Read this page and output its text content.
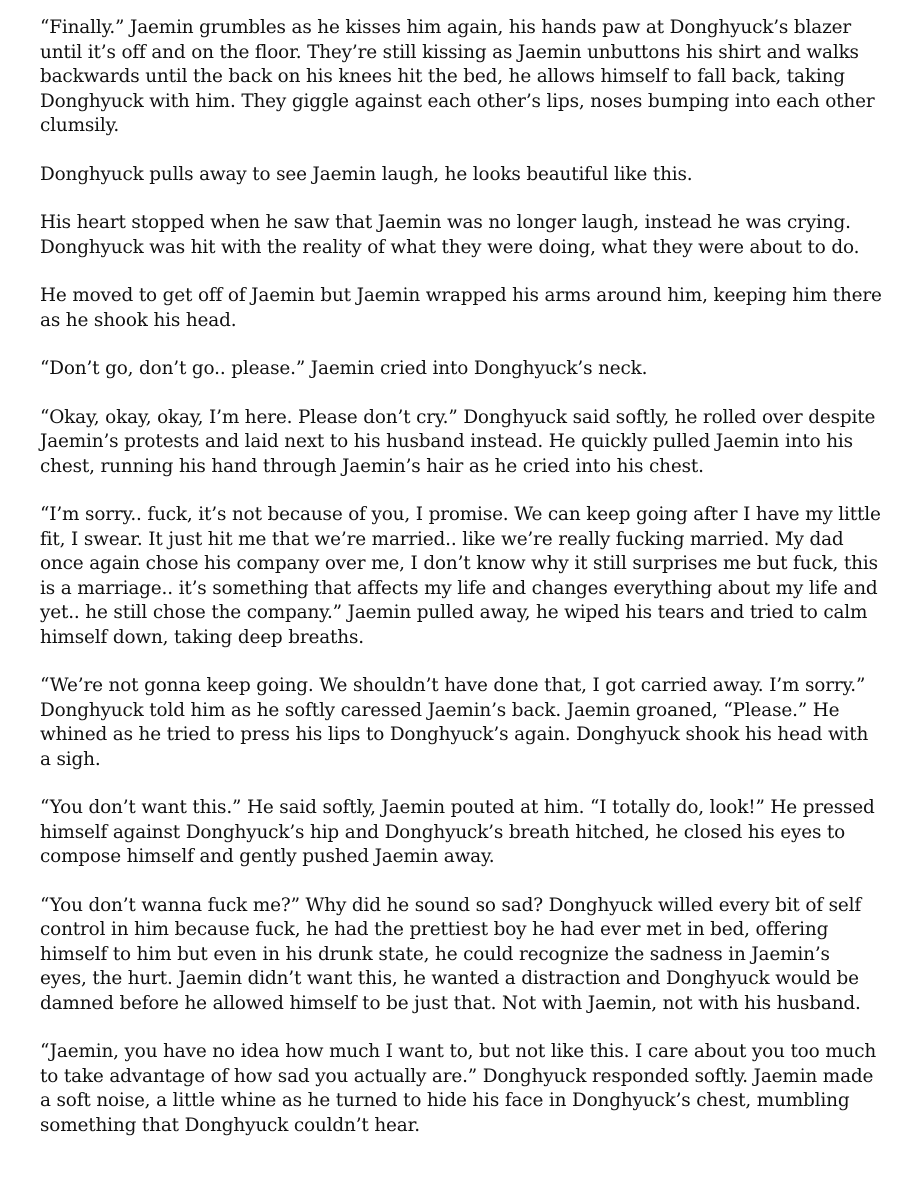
“Finally.” Jaemin grumbles as he kisses him again, his hands paw at Donghyuck’s blazer until it’s off and on the floor. They’re still kissing as Jaemin unbuttons his shirt and walks backwards until the back on his knees hit the bed, he allows himself to fall back, taking Donghyuck with him. They giggle against each other’s lips, noses bumping into each other clumsily.

Donghyuck pulls away to see Jaemin laugh, he looks beautiful like this.

His heart stopped when he saw that Jaemin was no longer laugh, instead he was crying. Donghyuck was hit with the reality of what they were doing, what they were about to do.

He moved to get off of Jaemin but Jaemin wrapped his arms around him, keeping him there as he shook his head.

“Don’t go, don’t go.. please.” Jaemin cried into Donghyuck’s neck.

“Okay, okay, okay, I’m here. Please don’t cry.” Donghyuck said softly, he rolled over despite Jaemin’s protests and laid next to his husband instead. He quickly pulled Jaemin into his chest, running his hand through Jaemin’s hair as he cried into his chest.

“I’m sorry.. fuck, it’s not because of you, I promise. We can keep going after I have my little fit, I swear. It just hit me that we’re married.. like we’re really fucking married. My dad once again chose his company over me, I don’t know why it still surprises me but fuck, this is a marriage.. it’s something that affects my life and changes everything about my life and yet.. he still chose the company.” Jaemin pulled away, he wiped his tears and tried to calm himself down, taking deep breaths.

“We’re not gonna keep going. We shouldn’t have done that, I got carried away. I’m sorry.” Donghyuck told him as he softly caressed Jaemin’s back. Jaemin groaned, “Please.” He whined as he tried to press his lips to Donghyuck’s again. Donghyuck shook his head with a sigh.

“You don’t want this.” He said softly, Jaemin pouted at him. “I totally do, look!” He pressed himself against Donghyuck’s hip and Donghyuck’s breath hitched, he closed his eyes to compose himself and gently pushed Jaemin away.

“You don’t wanna fuck me?” Why did he sound so sad? Donghyuck willed every bit of self control in him because fuck, he had the prettiest boy he had ever met in bed, offering himself to him but even in his drunk state, he could recognize the sadness in Jaemin’s eyes, the hurt. Jaemin didn’t want this, he wanted a distraction and Donghyuck would be damned before he allowed himself to be just that. Not with Jaemin, not with his husband.

“Jaemin, you have no idea how much I want to, but not like this. I care about you too much to take advantage of how sad you actually are.” Donghyuck responded softly. Jaemin made a soft noise, a little whine as he turned to hide his face in Donghyuck’s chest, mumbling something that Donghyuck couldn’t hear.
